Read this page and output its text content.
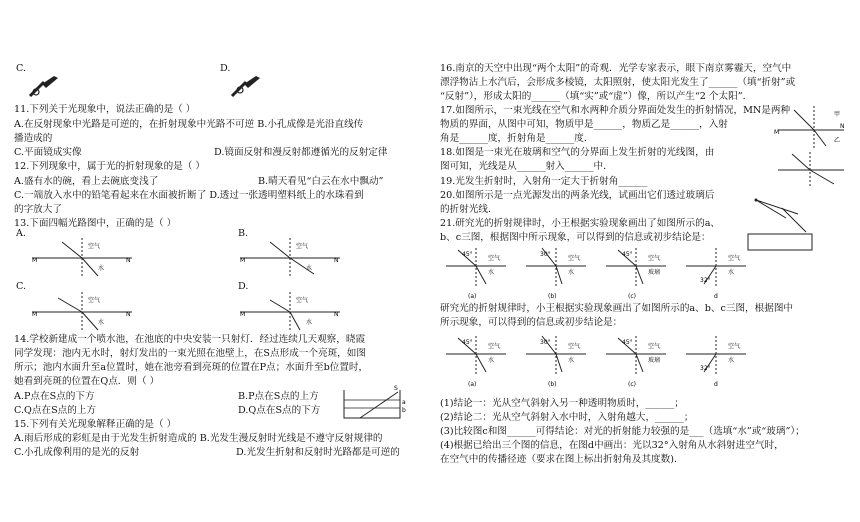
C.	D.
11.下列关于光现象中，说法正确的是（ ）
A.在反射现象中光路是可逆的，在折射现象中光路不可逆 B.小孔成像是光沿直线传
播造成的
C.平面镜成实像	D.镜面反射和漫反射都遵循光的反射定律
12.下列现象中，属于光的折射现象的是（ ）
A.盛有水的碗，看上去碗底变浅了	B.晴天看见“白云在水中飘动”
C.一端放入水中的铅笔看起来在水面被折断了 D.透过一张透明塑料纸上的水珠看到
的字放大了
13.下面四幅光路图中，正确的是（ ）
A.
空气
水
M	N
B.
空气
水
M	N
C.
空气
水
M	N
D.
空气
水
M	N
14.学校新建成一个喷水池，在池底的中央安装一只射灯．经过连续几天观察，晓霞
同学发现：池内无水时，射灯发出的一束光照在池壁上，在S点形成一个亮斑，如图
所示；池内水面升至a位置时，她在池旁看到亮斑的位置在P点；水面升至b位置时，
她看到亮斑的位置在Q点．则（ ）
A.P点在S点的下方	B.P点在S点的上方
C.Q点在S点的上方	D.Q点在S点的下方
a
b
S
15.下列有关光现象解释正确的是（ ）
A.雨后形成的彩虹是由于光发生折射造成的 B.光发生漫反射时光线是不遵守反射规律的
C.小孔成像利用的是光的反射	D.光发生折射和反射时光路都是可逆的
16.南京的天空中出现“两个太阳”的奇观．光学专家表示，眼下南京雾霾天，空气中
漂浮物沾上水汽后，会形成多棱镜，太阳照射，使太阳光发生了______（填“折射”或
“反射”），形成太阳的______（填“实”或“虚”）像，所以产生“2 个太阳”．
17.如图所示，一束光线在空气和水两种介质分界面处发生的折射情况，MN是两种
物质的界面，从图中可知，物质甲是______，物质乙是______，入射
角是______度，折射角是______度．
甲
乙
M
N
18.如图是一束光在玻璃和空气的分界面上发生折射的光线图，由
图可知，光线是从______射入______中．
19.光发生折射时，入射角一定大于折射角______
20.如图所示是一点光源发出的两条光线，试画出它们透过玻璃后
的折射光线．
21.研究光的折射规律时，小王根据实验现象画出了如图所示的a、
b、c三图，根据图中所示现象，可以得到的信息或初步结论是：
45°
空气
水
(a)
30°
空气
水
(b)
45°
空气
玻璃
(c)
32°
空气
水
d
研究光的折射规律时，小王根据实验现象画出了如图所示的a、b、c三图，根据图中
所示现象，可以得到的信息或初步结论是：
45°
空气
水
(a)
30°
空气
水
(b)
45°
空气
玻璃
(c)
32°
空气
水
d
(1)结论一：光从空气斜射入另一种透明物质时，______；
(2)结论二：光从空气斜射入水中时，入射角越大，______；
(3)比较图c和图______可得结论：对光的折射能力较强的是___（选填“水”或“玻璃”）；
(4)根据已给出三个图的信息，在图d中画出：光以32°入射角从水斜射进空气时，
在空气中的传播径迹（要求在图上标出折射角及其度数)．
